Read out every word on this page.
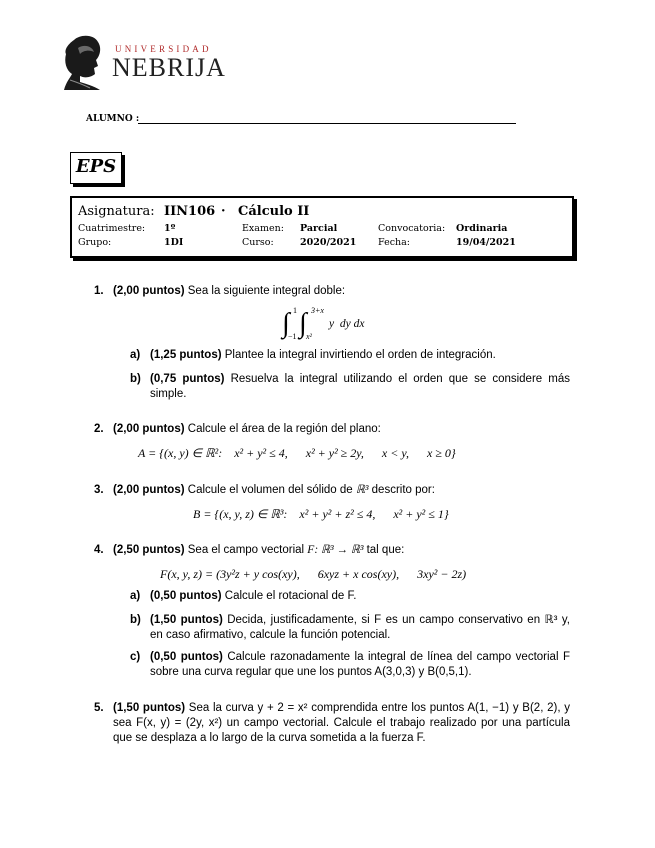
UNIVERSIDAD
NEBRIJA
ALUMNO :
EPS
Asignatura: IIN106 · Cálculo II
Cuatrimestre: 1º	Examen: Parcial	Convocatoria: Ordinaria
Grupo:	1DI	Curso:	2020/2021 Fecha:	19/04/2021
1. (2,00 puntos) Sea la siguiente integral doble:
∫ 1
−1 ∫ 3+x
x²
y  dy dx
a) (1,25 puntos) Plantee la integral invirtiendo el orden de integración.
b) (0,75 puntos) Resuelva la integral utilizando el orden que se considere más simple.
2. (2,00 puntos) Calcule el área de la región del plano:
A = {(x, y) ∈ ℝ²:    x² + y² ≤ 4,      x² + y² ≥ 2y,      x < y,      x ≥ 0}
3. (2,00 puntos) Calcule el volumen del sólido de ℝ³ descrito por:
B = {(x, y, z) ∈ ℝ³:    x² + y² + z² ≤ 4,      x² + y² ≤ 1}
4. (2,50 puntos) Sea el campo vectorial F: ℝ³ → ℝ³ tal que:
F(x, y, z) = (3y²z + y cos(xy),      6xyz + x cos(xy),      3xy² − 2z)
a) (0,50 puntos) Calcule el rotacional de F.
b) (1,50 puntos) Decida, justificadamente, si F es un campo conservativo en ℝ³ y, en caso afirmativo, calcule la función potencial.
c) (0,50 puntos) Calcule razonadamente la integral de línea del campo vectorial F sobre una curva regular que une los puntos A(3,0,3) y B(0,5,1).
5. (1,50 puntos) Sea la curva y + 2 = x² comprendida entre los puntos A(1, −1) y B(2, 2), y sea F(x, y) = (2y, x²) un campo vectorial. Calcule el trabajo realizado por una partícula que se desplaza a lo largo de la curva sometida a la fuerza F.
